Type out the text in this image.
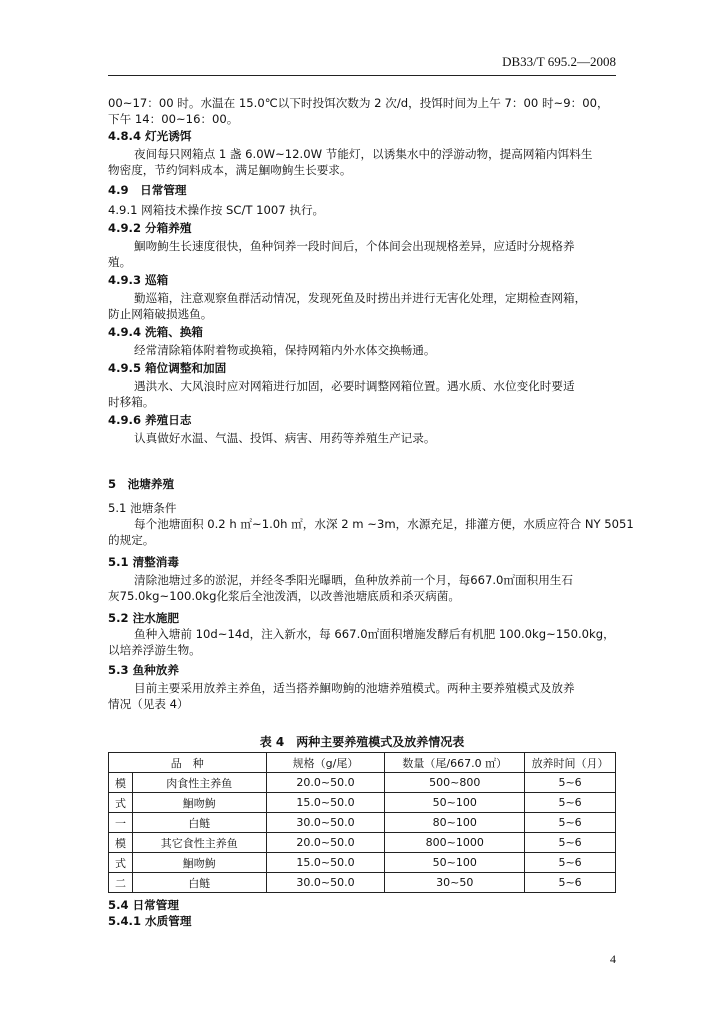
DB33/T 695.2—2008
00~17：00 时。水温在 15.0℃以下时投饵次数为 2 次/d，投饵时间为上午 7：00 时~9：00，
下午 14：00~16：00。
4.8.4 灯光诱饵
夜间每只网箱点 1 盏 6.0W~12.0W 节能灯，以诱集水中的浮游动物，提高网箱内饵料生
物密度，节约饲料成本，满足鮰吻鮈生长要求。
4.9　日常管理
4.9.1 网箱技术操作按 SC/T 1007 执行。
4.9.2 分箱养殖
鮰吻鮈生长速度很快，鱼种饲养一段时间后，个体间会出现规格差异，应适时分规格养
殖。
4.9.3 巡箱
勤巡箱，注意观察鱼群活动情况，发现死鱼及时捞出并进行无害化处理，定期检查网箱，
防止网箱破损逃鱼。
4.9.4 洗箱、换箱
经常清除箱体附着物或换箱，保持网箱内外水体交换畅通。
4.9.5 箱位调整和加固
遇洪水、大风浪时应对网箱进行加固，必要时调整网箱位置。遇水质、水位变化时要适
时移箱。
4.9.6 养殖日志
认真做好水温、气温、投饵、病害、用药等养殖生产记录。
5　池塘养殖
5.1 池塘条件
每个池塘面积 0.2 h ㎡~1.0h ㎡，水深 2 m ~3m，水源充足，排灌方便，水质应符合 NY 5051
的规定。
5.1 清整消毒
清除池塘过多的淤泥，并经冬季阳光曝晒，鱼种放养前一个月，每667.0㎡面积用生石
灰75.0kg~100.0kg化浆后全池泼洒，以改善池塘底质和杀灭病菌。
5.2 注水施肥
鱼种入塘前 10d~14d，注入新水，每 667.0㎡面积增施发酵后有机肥 100.0kg~150.0kg，
以培养浮游生物。
5.3 鱼种放养
目前主要采用放养主养鱼，适当搭养鮰吻鮈的池塘养殖模式。两种主要养殖模式及放养
情况（见表 4）
表 4　两种主要养殖模式及放养情况表
品　种		规格（g/尾）	数量（尾/667.0 ㎡）	放养时间（月）
模	肉食性主养鱼	20.0~50.0	500~800	5~6
式	鮰吻鮈	15.0~50.0	50~100	5~6
一	白鲢	30.0~50.0	80~100	5~6
模	其它食性主养鱼	20.0~50.0	800~1000	5~6
式	鮰吻鮈	15.0~50.0	50~100	5~6
二	白鲢	30.0~50.0	30~50	5~6
5.4 日常管理
5.4.1 水质管理
4
